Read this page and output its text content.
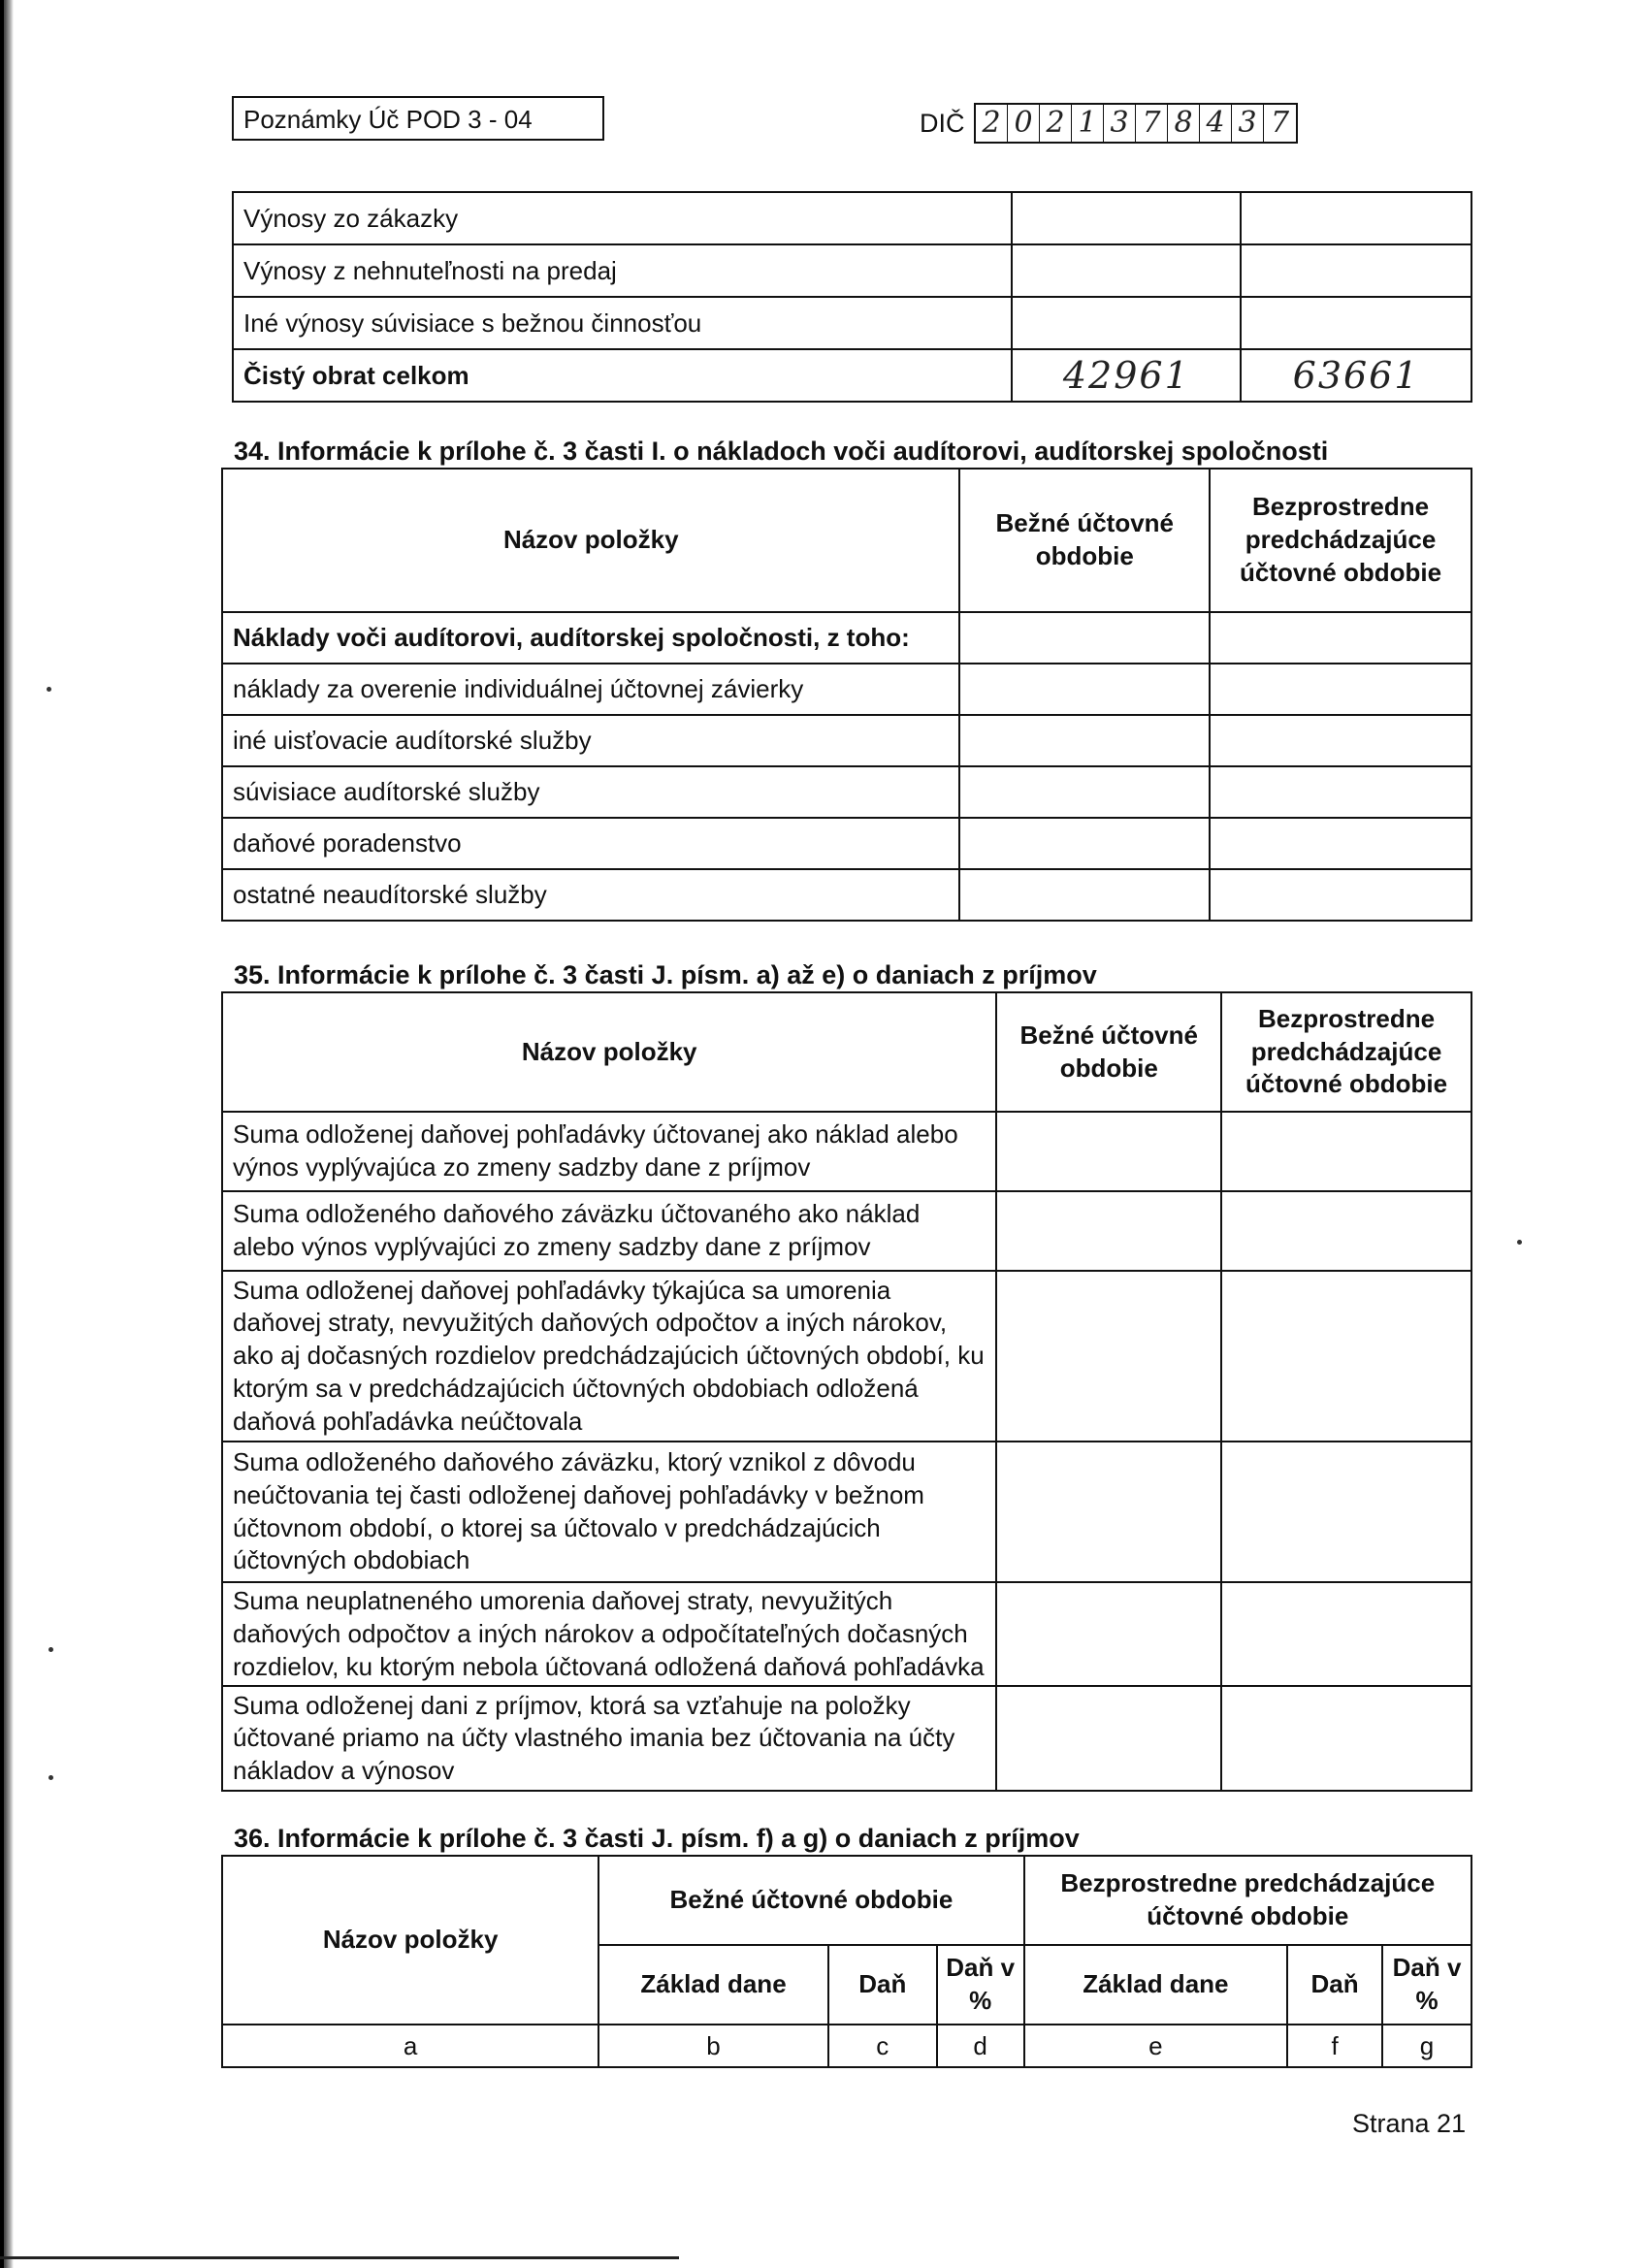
Poznámky Úč POD 3 - 04	DIČ 2 0 2 1 3 7 8 4 3 7
Výnosy zo zákazky		
Výnosy z nehnuteľnosti na predaj		
Iné výnosy súvisiace s bežnou činnosťou		
Čistý obrat celkom	42961	63661
34. Informácie k prílohe č. 3 časti I. o nákladoch voči audítorovi, audítorskej spoločnosti
Názov položky	Bežné účtovné obdobie	Bezprostredne predchádzajúce účtovné obdobie
Náklady voči audítorovi, audítorskej spoločnosti, z toho:		
náklady za overenie individuálnej účtovnej závierky		
iné uisťovacie audítorské služby		
súvisiace audítorské služby		
daňové poradenstvo		
ostatné neaudítorské služby		
35. Informácie k prílohe č. 3 časti J. písm. a) až e) o daniach z príjmov
Názov položky	Bežné účtovné obdobie	Bezprostredne predchádzajúce účtovné obdobie
Suma odloženej daňovej pohľadávky účtovanej ako náklad alebo výnos vyplývajúca zo zmeny sadzby dane z príjmov		
Suma odloženého daňového záväzku účtovaného ako náklad alebo výnos vyplývajúci zo zmeny sadzby dane z príjmov		
Suma odloženej daňovej pohľadávky týkajúca sa umorenia daňovej straty, nevyužitých daňových odpočtov a iných nárokov, ako aj dočasných rozdielov predchádzajúcich účtovných období, ku ktorým sa v predchádzajúcich účtovných obdobiach odložená daňová pohľadávka neúčtovala		
Suma odloženého daňového záväzku, ktorý vznikol z dôvodu neúčtovania tej časti odloženej daňovej pohľadávky v bežnom účtovnom období, o ktorej sa účtovalo v predchádzajúcich účtovných obdobiach		
Suma neuplatneného umorenia daňovej straty, nevyužitých daňových odpočtov a iných nárokov a odpočítateľných dočasných rozdielov, ku ktorým nebola účtovaná odložená daňová pohľadávka		
Suma odloženej dani z príjmov, ktorá sa vzťahuje na položky účtované priamo na účty vlastného imania bez účtovania na účty nákladov a výnosov		
36. Informácie k prílohe č. 3 časti J. písm. f) a g) o daniach z príjmov
Názov položky	Bežné účtovné obdobie			Bezprostredne predchádzajúce účtovné obdobie		
	Základ dane	Daň	Daň v %	Základ dane	Daň	Daň v %
a	b	c	d	e	f	g
Strana 21
